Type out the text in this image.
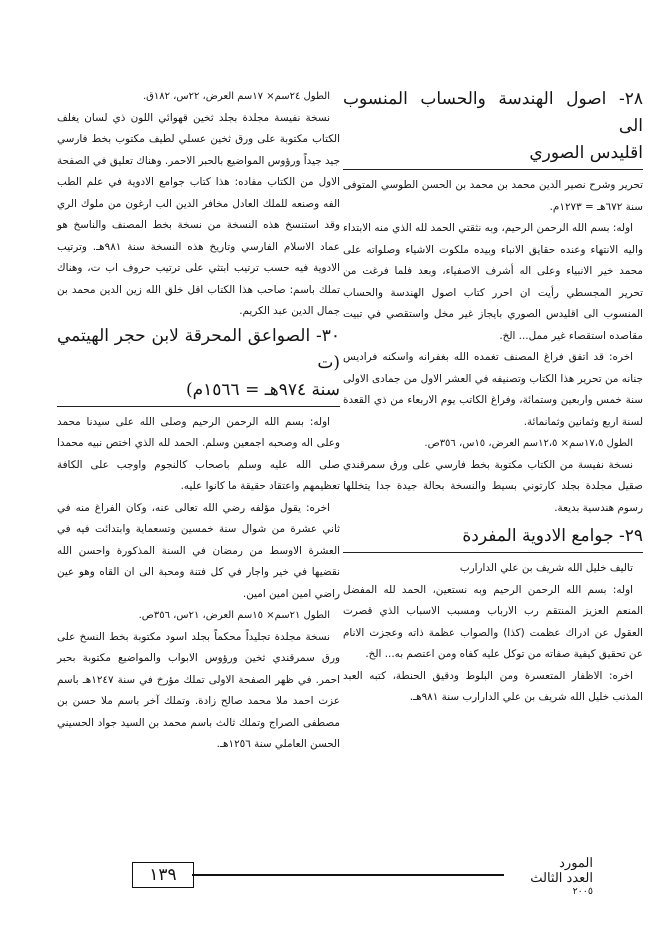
٢٨- اصول الهندسة والحساب المنسوب الى
اقليدس الصوري

تحرير وشرح نصير الدين محمد بن محمد بن الحسن الطوسي المتوفى سنة ٦٧٢هـ = ١٢٧٣م.

اوله: بسم الله الرحمن الرحيم، وبه نثقتي الحمد لله الذي منه الابتداء واليه الانتهاء وعنده حقايق الانباء وبيده ملكوت الاشياء وصلواته على محمد خير الانبياء وعلى اله أشرف الاصفياء، وبعد فلما فرغت من تحرير المجسطي رأيت ان احرر كتاب اصول الهندسة والحساب المنسوب الى اقليدس الصوري بايجاز غير مخل واستقصي في تبيت مقاصده استقصاء غير ممل... الخ.

اخره: قد اتفق فراغ المصنف تغمده الله بغفرانه واسكنه فراديس جنانه من تحرير هذا الكتاب وتصنيفه في العشر الاول من جمادى الاولى سنة خمس واربعين وستمائة، وفراغ الكاتب يوم الاربعاء من ذي القعدة لسنة اربع وثمانين وثمانمائة.

الطول ١٧،٥سم× ١٢،٥سم العرض، ١٥س، ٣٥٦ص.

نسخة نفيسة من الكتاب مكتوبة بخط فارسي على ورق سمرقندي صقيل مجلدة بجلد كارتوني بسيط والنسخة بحالة جيدة جدا يتخللها رسوم هندسية بديعة.

٢٩- جوامع الادوية المفردة

تاليف خليل الله شريف بن علي الدارارب

اوله: بسم الله الرحمن الرحيم وبه نستعين، الحمد لله المفضل المنعم العزيز المنتقم رب الارباب ومسبب الاسباب الذي قصرت العقول عن ادراك عظمت (كذا) والصواب عظمة ذاته وعجزت الانام عن تحقيق كيفية صفاته من توكل عليه كفاه ومن اعتصم به... الخ.

اخره: الاظفار المتعسرة ومن البلوط ودقيق الحنطة، كتبه العبد المذنب خليل الله شريف بن علي الدارارب سنة ٩٨١هـ.

الطول ٢٤سم× ١٧سم العرض، ٢٢س، ١٨٢ق.

نسخة نفيسة مجلدة بجلد ثخين قهوائي اللون ذي لسان يغلف الكتاب مكتوبة على ورق ثخين عسلي لطيف مكتوب بخط فارسي جيد جيداً ورؤوس المواضيع بالحبر الاحمر. وهناك تعليق في الصفحة الاول من الكتاب مفاده: هذا كتاب جوامع الادوية في علم الطب الفه وصنعه للملك العادل مخافر الدين الب ارغون من ملوك الري وقد استنسخ هذه النسخة من نسخة بخط المصنف والناسخ هو عماد الاسلام الفارسي وتاريخ هذه النسخة سنة ٩٨١هـ. وترتيب الادوية فيه حسب ترتيب ابتثي على ترتيب حروف اب ت، وهناك تملك باسم: صاحب هذا الكتاب اقل خلق الله زين الدين محمد بن جمال الدين عبد الكريم.

٣٠- الصواعق المحرقة لابن حجر الهيتمي (ت
سنة ٩٧٤هـ = ١٥٦٦م)

اوله: بسم الله الرحمن الرحيم وصلى الله على سيدنا محمد وعلى اله وصحبه اجمعين وسلم. الحمد لله الذي اختص نبيه محمدا صلى الله عليه وسلم باصحاب كالنجوم واوجب على الكافة تعظيمهم واعتقاد حقيقة ما كانوا عليه.

اخره: يقول مؤلفه رضي الله تعالى عنه، وكان الفراغ منه في ثاني عشرة من شوال سنة خمسين وتسعماية وابتدائت فيه في العشرة الاوسط من رمضان في السنة المذكورة واحسن الله نقضيها في خير واجار في كل فتنة ومحبة الى ان القاه وهو عين راضي امين امين امين.

الطول ٢١سم× ١٥سم العرض، ٢١س، ٣٥٦ص.

نسخة مجلدة تجليداً محكماً بجلد اسود مكتوبة بخط النسخ على ورق سمرقندي ثخين ورؤوس الابواب والمواضيع مكتوبة بحبر احمر. في ظهر الصفحة الاولى تملك مؤرخ في سنة ١٢٤٧هـ باسم عزت احمد ملا محمد صالح زادة. وتملك آخر باسم ملا حسن بن مصطفى الصراج وتملك ثالث باسم محمد بن السيد جواد الحسيني الحسن العاملي سنة ١٢٥٦هـ.

١٣٩
المورد
العدد الثالث
٢٠٠٥
